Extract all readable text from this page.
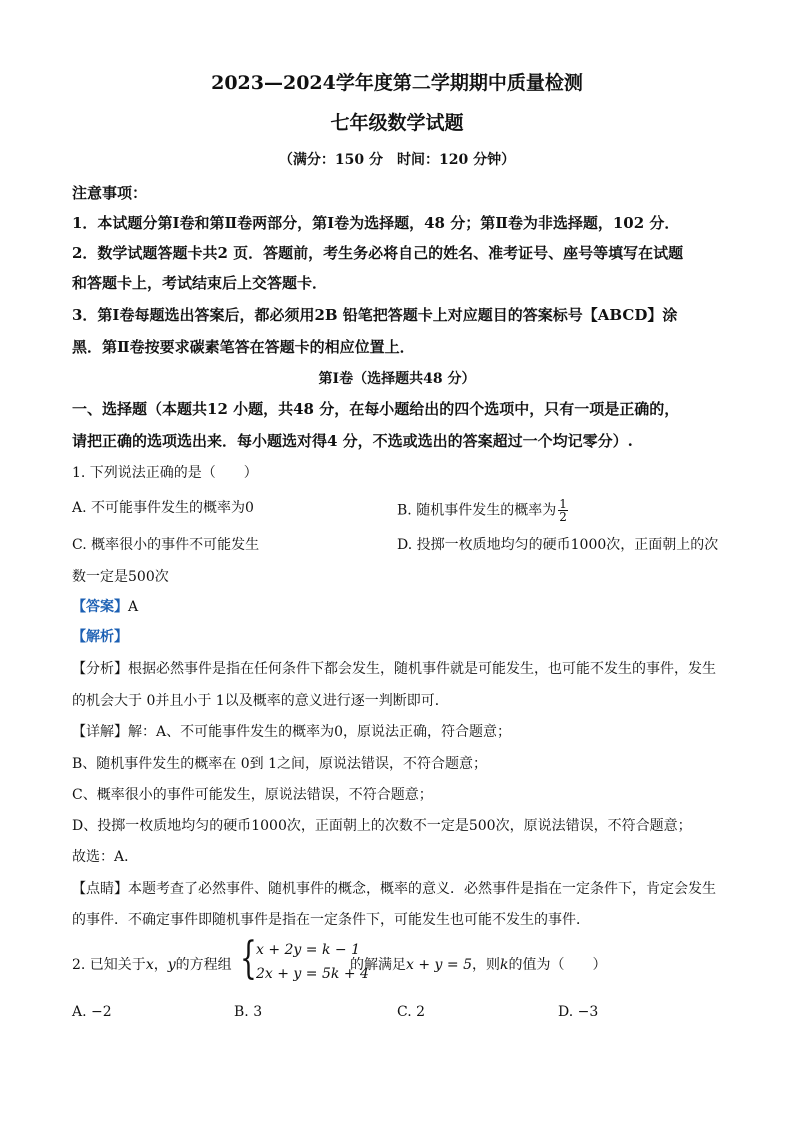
2023—2024学年度第二学期期中质量检测
七年级数学试题
（满分：150 分　时间：120 分钟）
注意事项：
1．本试题分第Ⅰ卷和第Ⅱ卷两部分，第Ⅰ卷为选择题，48 分；第Ⅱ卷为非选择题，102 分．
2．数学试题答题卡共2 页．答题前，考生务必将自己的姓名、准考证号、座号等填写在试题
和答题卡上，考试结束后上交答题卡．
3．第Ⅰ卷每题选出答案后，都必须用2B 铅笔把答题卡上对应题目的答案标号【ABCD】涂
黑．第Ⅱ卷按要求碳素笔答在答题卡的相应位置上．
第Ⅰ卷（选择题共48 分）
一、选择题（本题共12 小题，共48 分，在每小题给出的四个选项中，只有一项是正确的，
请把正确的选项选出来．每小题选对得4 分，不选或选出的答案超过一个均记零分）.
1. 下列说法正确的是（　　）
A. 不可能事件发生的概率为0	B. 随机事件发生的概率为 $\frac{1}{2}$
C. 概率很小的事件不可能发生	D. 投掷一枚质地均匀的硬币1000次，正面朝上的次
数一定是500次
【答案】A
【解析】
【分析】根据必然事件是指在任何条件下都会发生，随机事件就是可能发生，也可能不发生的事件，发生
的机会大于 0并且小于 1以及概率的意义进行逐一判断即可．
【详解】解：A、不可能事件发生的概率为0，原说法正确，符合题意；
B、随机事件发生的概率在 0到 1之间，原说法错误，不符合题意；
C、概率很小的事件可能发生，原说法错误，不符合题意；
D、投掷一枚质地均匀的硬币1000次，正面朝上的次数不一定是500次，原说法错误，不符合题意；
故选：A．
【点睛】本题考查了必然事件、随机事件的概念，概率的意义．必然事件是指在一定条件下，肯定会发生
的事件．不确定事件即随机事件是指在一定条件下，可能发生也可能不发生的事件．
2. 已知关于x，y的方程组 { x + 2y = k − 1
2x + y = 5k + 4
的解满足x + y = 5，则k的值为（　　）
A. −2	B. 3	C. 2	D. −3
